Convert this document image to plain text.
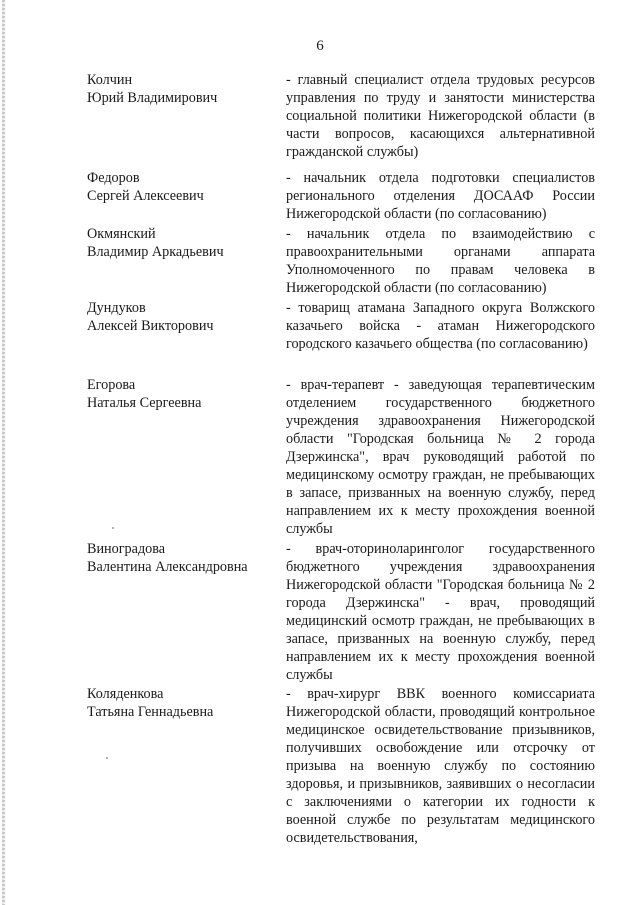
6
Колчин
Юрий Владимирович
- главный специалист отдела трудовых ресурсов управления по труду и занятости министерства социальной политики Нижегородской области (в части вопросов, касающихся альтернативной гражданской службы)
Федоров
Сергей Алексеевич
- начальник отдела подготовки специалистов регионального отделения ДОСААФ России Нижегородской области (по согласованию)
Окмянский
Владимир Аркадьевич
- начальник отдела по взаимодействию с правоохранительными органами аппарата Уполномоченного по правам человека в Нижегородской области (по согласованию)
Дундуков
Алексей Викторович
- товарищ атамана Западного округа Волжского казачьего войска - атаман Нижегородского городского казачьего общества (по согласованию)
Егорова
Наталья Сергеевна
- врач-терапевт - заведующая терапевтическим отделением государственного бюджетного учреждения здравоохранения Нижегородской области "Городская больница № 2 города Дзержинска", врач руководящий работой по медицинскому осмотру граждан, не пребывающих в запасе, призванных на военную службу, перед направлением их к месту прохождения военной службы
Виноградова
Валентина Александровна
- врач-оториноларинголог государственного бюджетного учреждения здравоохранения Нижегородской области "Городская больница № 2 города Дзержинска" - врач, проводящий медицинский осмотр граждан, не пребывающих в запасе, призванных на военную службу, перед направлением их к месту прохождения военной службы
Коляденкова
Татьяна Геннадьевна
- врач-хирург ВВК военного комиссариата Нижегородской области, проводящий контрольное медицинское освидетельствование призывников, получивших освобождение или отсрочку от призыва на военную службу по состоянию здоровья, и призывников, заявивших о несогласии с заключениями о категории их годности к военной службе по результатам медицинского освидетельствования,
